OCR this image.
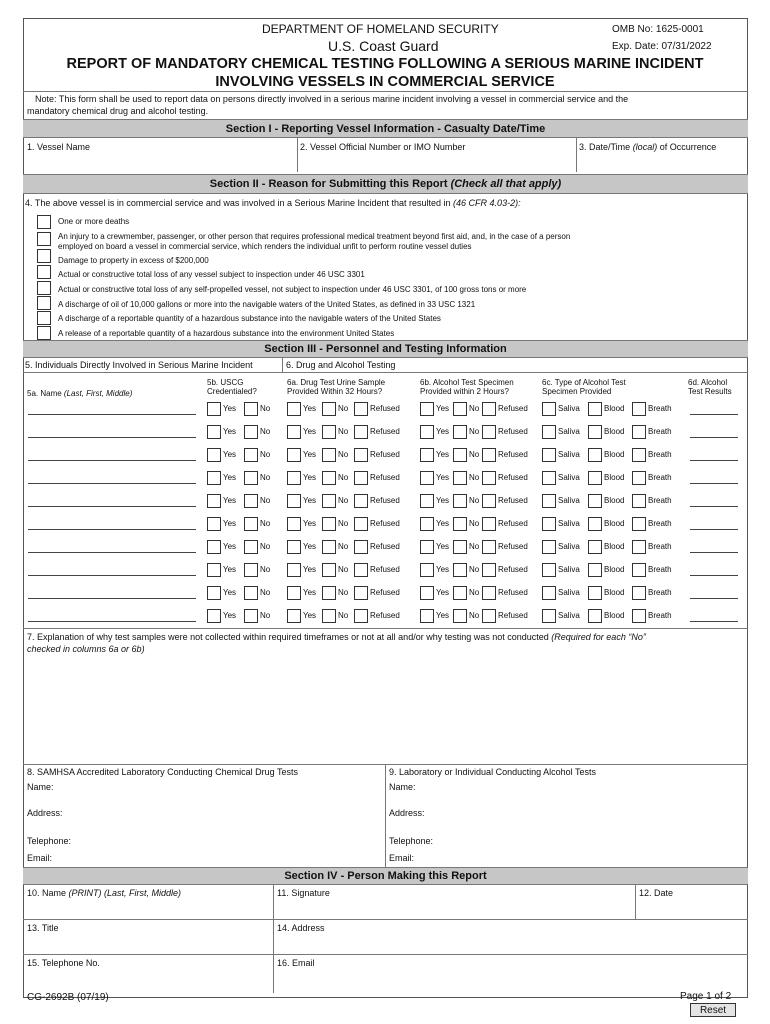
DEPARTMENT OF HOMELAND SECURITY
U.S. Coast Guard
OMB No: 1625-0001
Exp. Date: 07/31/2022
REPORT OF MANDATORY CHEMICAL TESTING FOLLOWING A SERIOUS MARINE INCIDENT
INVOLVING VESSELS IN COMMERCIAL SERVICE
Note: This form shall be used to report data on persons directly involved in a serious marine incident involving a vessel in commercial service and the
mandatory chemical drug and alcohol testing.
Section I - Reporting Vessel Information - Casualty Date/Time
1. Vessel Name	2. Vessel Official Number or IMO Number	3. Date/Time (local) of Occurrence
Section II - Reason for Submitting this Report (Check all that apply)
4. The above vessel is in commercial service and was involved in a Serious Marine Incident that resulted in (46 CFR 4.03-2):
One or more deaths
An injury to a crewmember, passenger, or other person that requires professional medical treatment beyond first aid, and, in the case of a person
employed on board a vessel in commercial service, which renders the individual unfit to perform routine vessel duties
Damage to property in excess of $200,000
Actual or constructive total loss of any vessel subject to inspection under 46 USC 3301
Actual or constructive total loss of any self-propelled vessel, not subject to inspection under 46 USC 3301, of 100 gross tons or more
A discharge of oil of 10,000 gallons or more into the navigable waters of the United States, as defined in 33 USC 1321
A discharge of a reportable quantity of a hazardous substance into the navigable waters of the United States
A release of a reportable quantity of a hazardous substance into the environment United States
Section III - Personnel and Testing Information
5. Individuals Directly Involved in Serious Marine Incident	6. Drug and Alcohol Testing
5a. Name (Last, First, Middle)
5b. USCG
Credentialed?
6a. Drug Test Urine Sample
Provided Within 32 Hours?
6b. Alcohol Test Specimen
Provided within 2 Hours?
6c. Type of Alcohol Test
Specimen Provided
6d. Alcohol
Test Results
Yes	No	Yes	No	Refused	Yes No Refused	Saliva	Blood	Breath
Yes	No	Yes	No	Refused	Yes No Refused	Saliva	Blood	Breath
Yes	No	Yes	No	Refused	Yes No Refused	Saliva	Blood	Breath
Yes	No	Yes	No	Refused	Yes No Refused	Saliva	Blood	Breath
Yes	No	Yes	No	Refused	Yes No Refused	Saliva	Blood	Breath
Yes	No	Yes	No	Refused	Yes No Refused	Saliva	Blood	Breath
Yes	No	Yes	No	Refused	Yes No Refused	Saliva	Blood	Breath
Yes	No	Yes	No	Refused	Yes No Refused	Saliva	Blood	Breath
Yes	No	Yes	No	Refused	Yes No Refused	Saliva	Blood	Breath
Yes	No	Yes	No	Refused	Yes No Refused	Saliva	Blood	Breath
7. Explanation of why test samples were not collected within required timeframes or not at all and/or why testing was not conducted (Required for each “No”
checked in columns 6a or 6b)
8. SAMHSA Accredited Laboratory Conducting Chemical Drug Tests
Name:
Address:
Telephone:
Email:
9. Laboratory or Individual Conducting Alcohol Tests
Name:
Address:
Telephone:
Email:
Section IV - Person Making this Report
10. Name (PRINT) (Last, First, Middle)	11. Signature	12. Date
13. Title	14. Address
15. Telephone No.	16. Email
CG-2692B (07/19)	Page 1 of 2
Reset
